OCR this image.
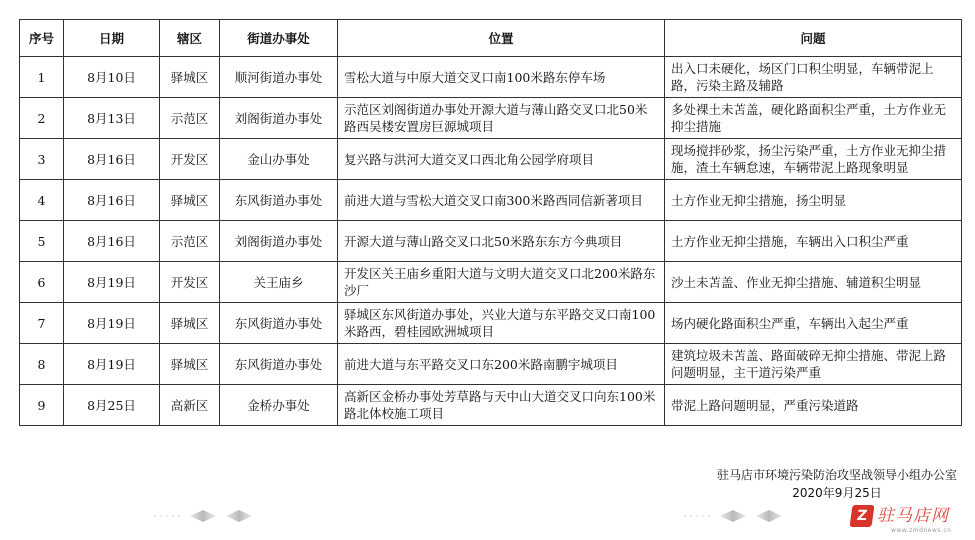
序号	日期	辖区	街道办事处	位置	问题
1	8月10日	驿城区	顺河街道办事处	雪松大道与中原大道交叉口南100米路东停车场	出入口未硬化，场区门口积尘明显，车辆带泥上路，污染主路及辅路
2	8月13日	示范区	刘阁街道办事处	示范区刘阁街道办事处开源大道与薄山路交叉口北50米路西吴楼安置房巨源城项目	多处裸土未苫盖，硬化路面积尘严重，土方作业无抑尘措施
3	8月16日	开发区	金山办事处	复兴路与洪河大道交叉口西北角公园学府项目	现场搅拌砂浆，扬尘污染严重，土方作业无抑尘措施，渣土车辆怠速，车辆带泥上路现象明显
4	8月16日	驿城区	东风街道办事处	前进大道与雪松大道交叉口南300米路西同信新著项目	土方作业无抑尘措施，扬尘明显
5	8月16日	示范区	刘阁街道办事处	开源大道与薄山路交叉口北50米路东东方今典项目	土方作业无抑尘措施，车辆出入口积尘严重
6	8月19日	开发区	关王庙乡	开发区关王庙乡重阳大道与文明大道交叉口北200米路东沙厂	沙土未苫盖、作业无抑尘措施、辅道积尘明显
7	8月19日	驿城区	东风街道办事处	驿城区东风街道办事处，兴业大道与东平路交叉口南100米路西，碧桂园欧洲城项目	场内硬化路面积尘严重，车辆出入起尘严重
8	8月19日	驿城区	东风街道办事处	前进大道与东平路交叉口东200米路南鹏宇城项目	建筑垃圾未苫盖、路面破碎无抑尘措施、带泥上路问题明显，主干道污染严重
9	8月25日	高新区	金桥办事处	高新区金桥办事处芳草路与天中山大道交叉口向东100米路北体校施工项目	带泥上路问题明显，严重污染道路
驻马店市环境污染防治攻坚战领导小组办公室
2020年9月25日
Z 驻马店网
www.zmdnews.cn
